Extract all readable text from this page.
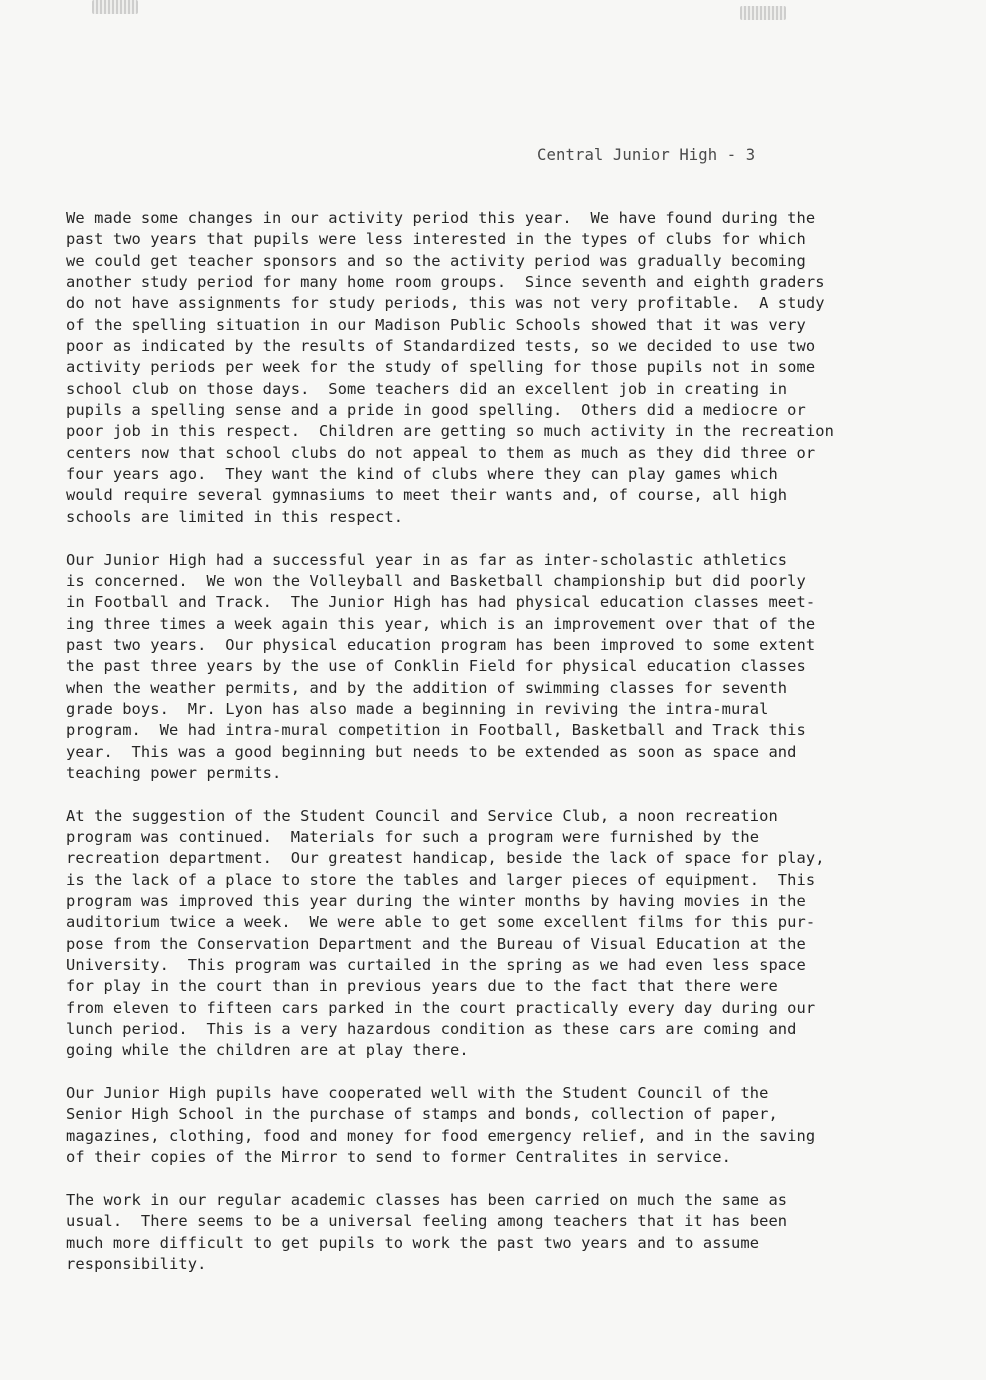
Central Junior High - 3
We made some changes in our activity period this year.  We have found during the
past two years that pupils were less interested in the types of clubs for which
we could get teacher sponsors and so the activity period was gradually becoming
another study period for many home room groups.  Since seventh and eighth graders
do not have assignments for study periods, this was not very profitable.  A study
of the spelling situation in our Madison Public Schools showed that it was very
poor as indicated by the results of Standardized tests, so we decided to use two
activity periods per week for the study of spelling for those pupils not in some
school club on those days.  Some teachers did an excellent job in creating in
pupils a spelling sense and a pride in good spelling.  Others did a mediocre or
poor job in this respect.  Children are getting so much activity in the recreation
centers now that school clubs do not appeal to them as much as they did three or
four years ago.  They want the kind of clubs where they can play games which
would require several gymnasiums to meet their wants and, of course, all high
schools are limited in this respect.
Our Junior High had a successful year in as far as inter-scholastic athletics
is concerned.  We won the Volleyball and Basketball championship but did poorly
in Football and Track.  The Junior High has had physical education classes meet-
ing three times a week again this year, which is an improvement over that of the
past two years.  Our physical education program has been improved to some extent
the past three years by the use of Conklin Field for physical education classes
when the weather permits, and by the addition of swimming classes for seventh
grade boys.  Mr. Lyon has also made a beginning in reviving the intra-mural
program.  We had intra-mural competition in Football, Basketball and Track this
year.  This was a good beginning but needs to be extended as soon as space and
teaching power permits.
At the suggestion of the Student Council and Service Club, a noon recreation
program was continued.  Materials for such a program were furnished by the
recreation department.  Our greatest handicap, beside the lack of space for play,
is the lack of a place to store the tables and larger pieces of equipment.  This
program was improved this year during the winter months by having movies in the
auditorium twice a week.  We were able to get some excellent films for this pur-
pose from the Conservation Department and the Bureau of Visual Education at the
University.  This program was curtailed in the spring as we had even less space
for play in the court than in previous years due to the fact that there were
from eleven to fifteen cars parked in the court practically every day during our
lunch period.  This is a very hazardous condition as these cars are coming and
going while the children are at play there.
Our Junior High pupils have cooperated well with the Student Council of the
Senior High School in the purchase of stamps and bonds, collection of paper,
magazines, clothing, food and money for food emergency relief, and in the saving
of their copies of the Mirror to send to former Centralites in service.
The work in our regular academic classes has been carried on much the same as
usual.  There seems to be a universal feeling among teachers that it has been
much more difficult to get pupils to work the past two years and to assume
responsibility.
